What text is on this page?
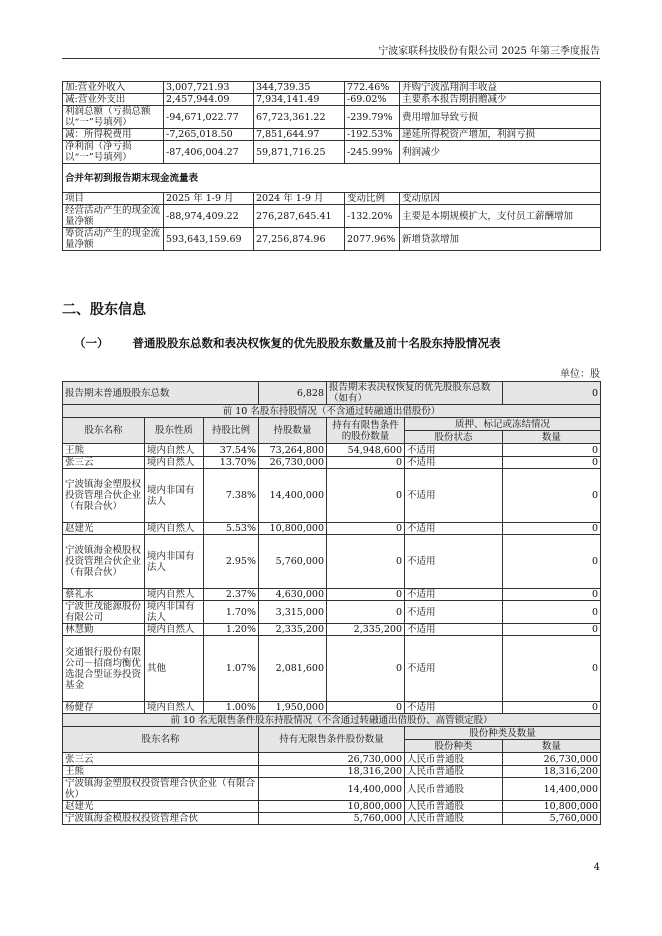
宁波家联科技股份有限公司 2025 年第三季度报告
加:营业外收入	3,007,721.93	344,739.35	772.46%	并购宁波泓翔润丰收益
减:营业外支出	2,457,944.09	7,934,141.49	-69.02%	主要系本报告期捐赠减少
利润总额（亏损总额以“一”号填列）	-94,671,022.77	67,723,361.22	-239.79%	费用增加导致亏损
减：所得税费用	-7,265,018.50	7,851,644.97	-192.53%	递延所得税资产增加，利润亏损
净利润（净亏损以“一”号填列）	-87,406,004.27	59,871,716.25	-245.99%	利润减少
合并年初到报告期末现金流量表				
项目	2025 年 1-9 月	2024 年 1-9 月	变动比例	变动原因
经营活动产生的现金流量净额	-88,974,409.22	276,287,645.41	-132.20%	主要是本期规模扩大，支付员工薪酬增加
筹资活动产生的现金流量净额	593,643,159.69	27,256,874.96	2077.96%	新增贷款增加
二、股东信息
（一） 普通股股东总数和表决权恢复的优先股股东数量及前十名股东持股情况表
单位：股
报告期末普通股股东总数			6,828	报告期末表决权恢复的优先股股东总数（如有）		0
前 10 名股东持股情况（不含通过转融通出借股份）						
股东名称	股东性质	持股比例	持股数量	持有有限售条件的股份数量	质押、标记或冻结情况	
					股份状态	数量
王熊	境内自然人	37.54%	73,264,800	54,948,600	不适用	0
张三云	境内自然人	13.70%	26,730,000	0	不适用	0
宁波镇海金塑股权投资管理合伙企业（有限合伙）	境内非国有法人	7.38%	14,400,000	0	不适用	0
赵建光	境内自然人	5.53%	10,800,000	0	不适用	0
宁波镇海金模股权投资管理合伙企业（有限合伙）	境内非国有法人	2.95%	5,760,000	0	不适用	0
蔡礼永	境内自然人	2.37%	4,630,000	0	不适用	0
宁波世茂能源股份有限公司	境内非国有法人	1.70%	3,315,000	0	不适用	0
林慧勤	境内自然人	1.20%	2,335,200	2,335,200	不适用	0
交通银行股份有限公司－招商均衡优选混合型证券投资基金	其他	1.07%	2,081,600	0	不适用	0
杨健存	境内自然人	1.00%	1,950,000	0	不适用	0
前 10 名无限售条件股东持股情况（不含通过转融通出借股份、高管锁定股）						
股东名称			持有无限售条件股份数量		股份种类及数量	
					股份种类	数量
张三云			26,730,000		人民币普通股	26,730,000
王熊			18,316,200		人民币普通股	18,316,200
宁波镇海金塑股权投资管理合伙企业（有限合伙）			14,400,000		人民币普通股	14,400,000
赵建光			10,800,000		人民币普通股	10,800,000
宁波镇海金模股权投资管理合伙			5,760,000		人民币普通股	5,760,000
4
